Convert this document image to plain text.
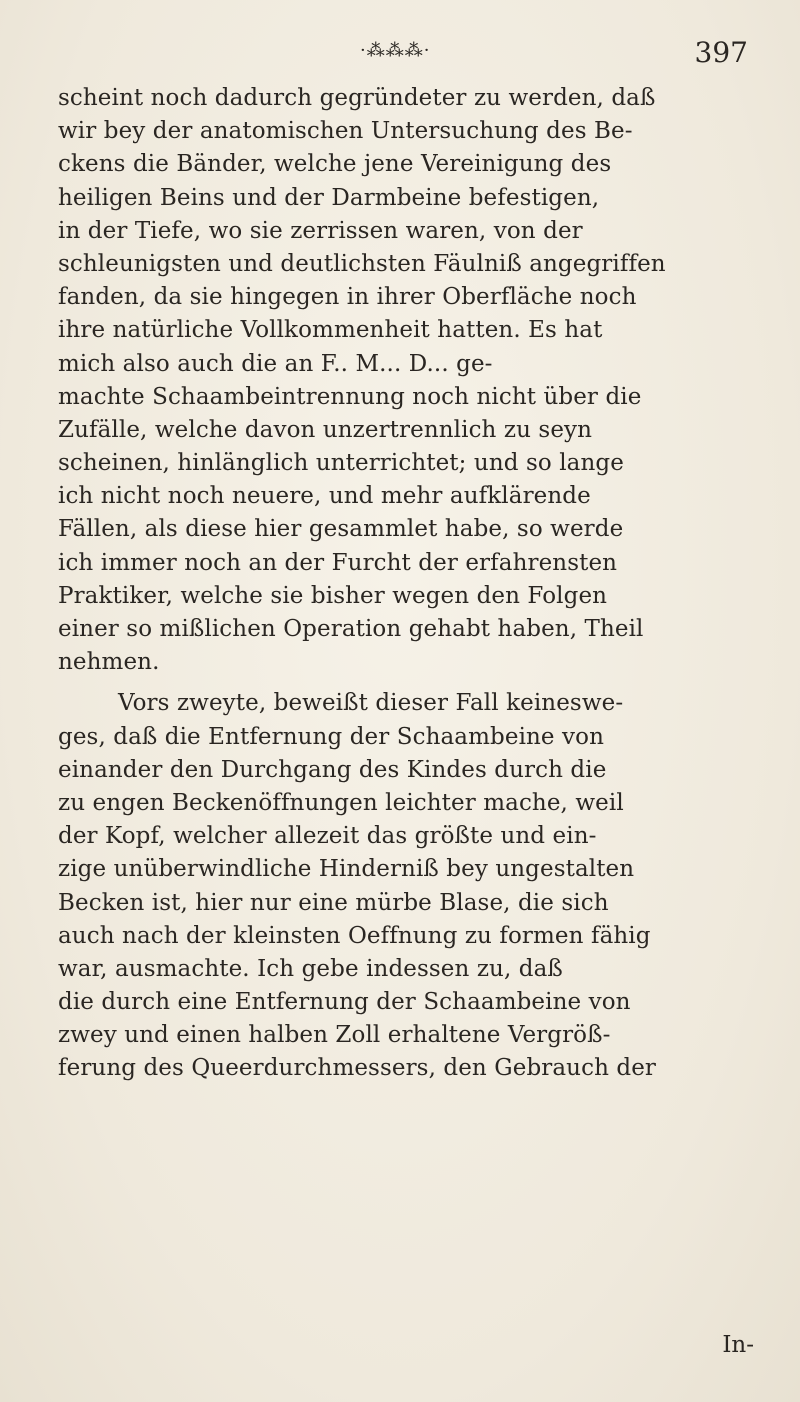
·⁂⁂⁂·	397
scheint noch dadurch gegründeter zu werden, daß
wir bey der anatomischen Untersuchung des Be-
ckens die Bänder, welche jene Vereinigung des
heiligen Beins und der Darmbeine befestigen,
in der Tiefe, wo sie zerrissen waren, von der
schleunigsten und deutlichsten Fäulniß angegriffen
fanden, da sie hingegen in ihrer Oberfläche noch
ihre natürliche Vollkommenheit hatten. Es hat
mich also auch die an F.. M... D... ge-
machte Schaambeintrennung noch nicht über die
Zufälle, welche davon unzertrennlich zu seyn
scheinen, hinlänglich unterrichtet; und so lange
ich nicht noch neuere, und mehr aufklärende
Fällen, als diese hier gesammlet habe, so werde
ich immer noch an der Furcht der erfahrensten
Praktiker, welche sie bisher wegen den Folgen
einer so mißlichen Operation gehabt haben, Theil
nehmen.
Vors zweyte, beweißt dieser Fall keineswe-
ges, daß die Entfernung der Schaambeine von
einander den Durchgang des Kindes durch die
zu engen Beckenöffnungen leichter mache, weil
der Kopf, welcher allezeit das größte und ein-
zige unüberwindliche Hinderniß bey ungestalten
Becken ist, hier nur eine mürbe Blase, die sich
auch nach der kleinsten Oeffnung zu formen fähig
war, ausmachte. Ich gebe indessen zu, daß
die durch eine Entfernung der Schaambeine von
zwey und einen halben Zoll erhaltene Vergröß-
ferung des Queerdurchmessers, den Gebrauch der
In-
